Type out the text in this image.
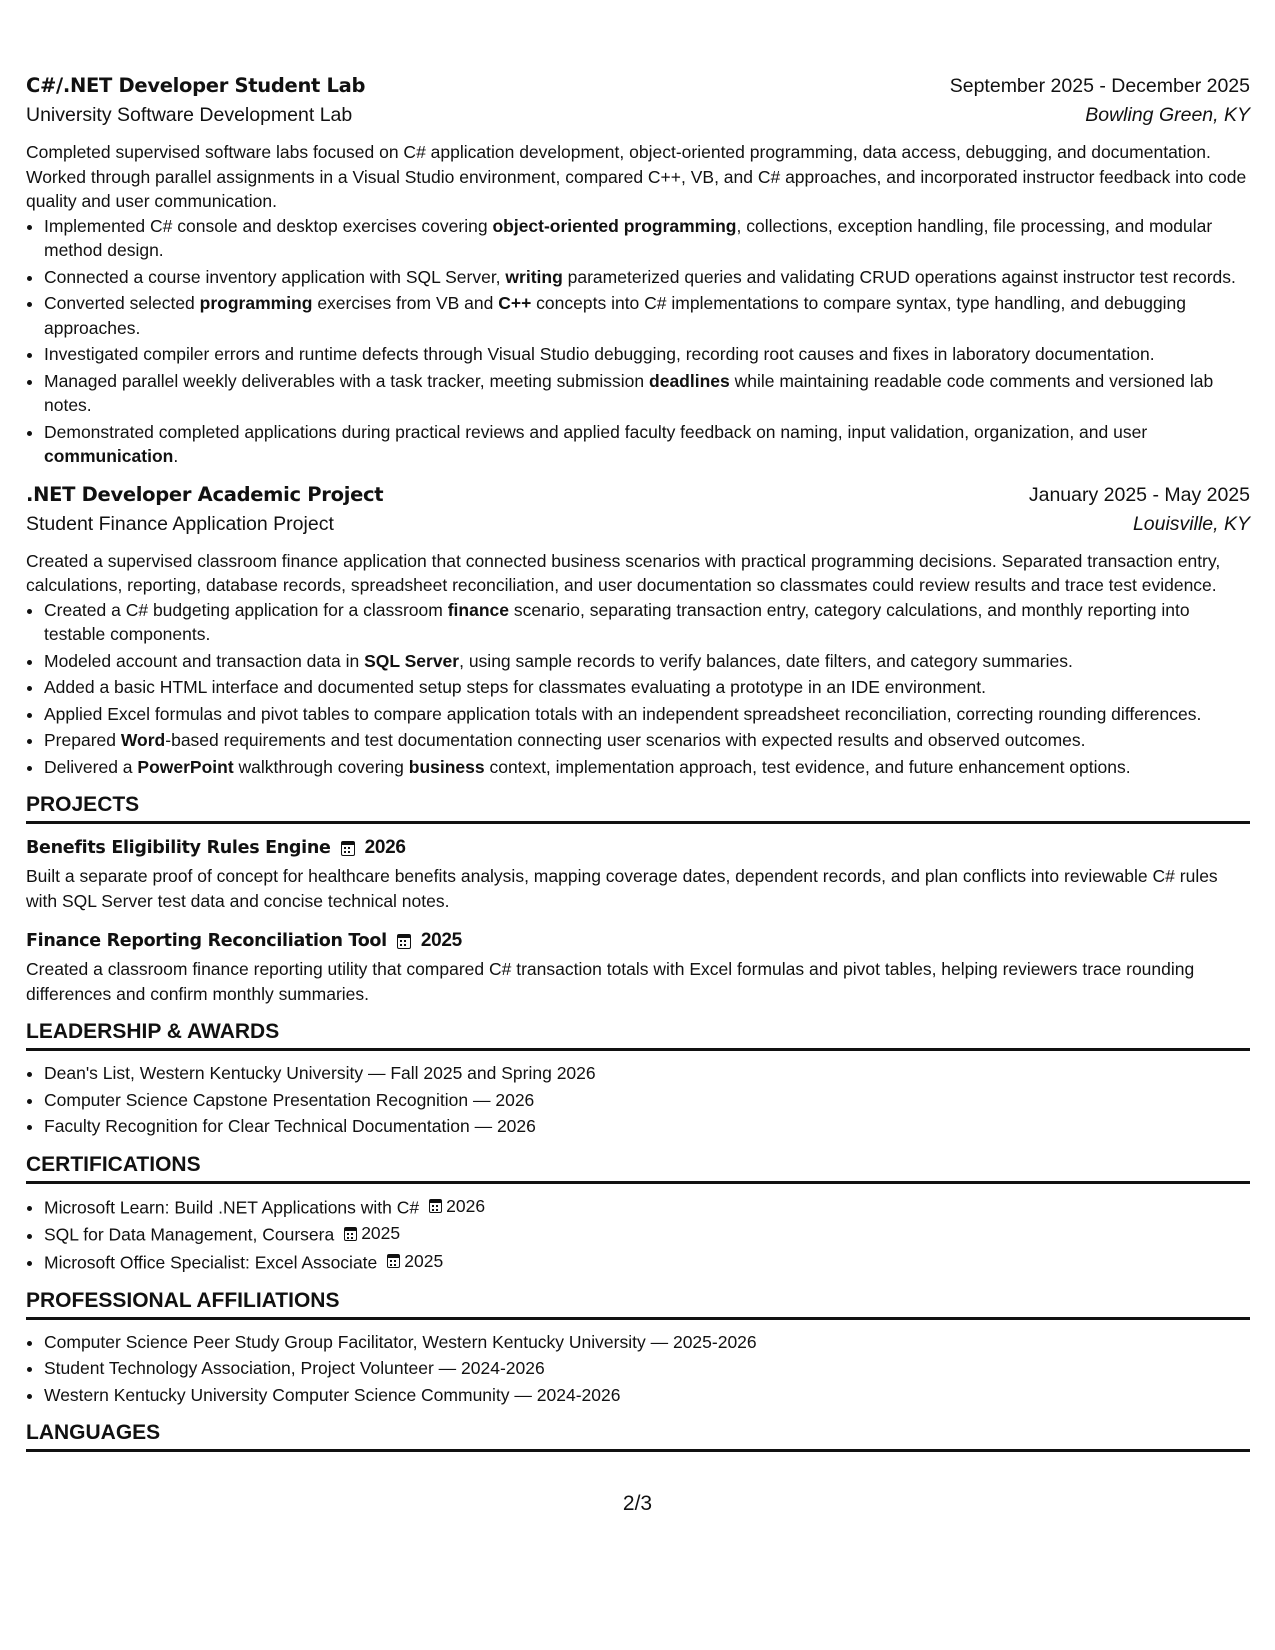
C#/.NET Developer Student Lab	September 2025 - December 2025
University Software Development Lab	Bowling Green, KY

Completed supervised software labs focused on C# application development, object-oriented programming, data access, debugging, and documentation. Worked through parallel assignments in a Visual Studio environment, compared C++, VB, and C# approaches, and incorporated instructor feedback into code quality and user communication.

• Implemented C# console and desktop exercises covering object-oriented programming, collections, exception handling, file processing, and modular method design.
• Connected a course inventory application with SQL Server, writing parameterized queries and validating CRUD operations against instructor test records.
• Converted selected programming exercises from VB and C++ concepts into C# implementations to compare syntax, type handling, and debugging approaches.
• Investigated compiler errors and runtime defects through Visual Studio debugging, recording root causes and fixes in laboratory documentation.
• Managed parallel weekly deliverables with a task tracker, meeting submission deadlines while maintaining readable code comments and versioned lab notes.
• Demonstrated completed applications during practical reviews and applied faculty feedback on naming, input validation, organization, and user communication.
.NET Developer Academic Project	January 2025 - May 2025
Student Finance Application Project	Louisville, KY

Created a supervised classroom finance application that connected business scenarios with practical programming decisions. Separated transaction entry, calculations, reporting, database records, spreadsheet reconciliation, and user documentation so classmates could review results and trace test evidence.

• Created a C# budgeting application for a classroom finance scenario, separating transaction entry, category calculations, and monthly reporting into testable components.
• Modeled account and transaction data in SQL Server, using sample records to verify balances, date filters, and category summaries.
• Added a basic HTML interface and documented setup steps for classmates evaluating a prototype in an IDE environment.
• Applied Excel formulas and pivot tables to compare application totals with an independent spreadsheet reconciliation, correcting rounding differences.
• Prepared Word-based requirements and test documentation connecting user scenarios with expected results and observed outcomes.
• Delivered a PowerPoint walkthrough covering business context, implementation approach, test evidence, and future enhancement options.
PROJECTS
Benefits Eligibility Rules Engine 2026

Built a separate proof of concept for healthcare benefits analysis, mapping coverage dates, dependent records, and plan conflicts into reviewable C# rules with SQL Server test data and concise technical notes.

Finance Reporting Reconciliation Tool 2025

Created a classroom finance reporting utility that compared C# transaction totals with Excel formulas and pivot tables, helping reviewers trace rounding differences and confirm monthly summaries.

LEADERSHIP & AWARDS
• Dean's List, Western Kentucky University — Fall 2025 and Spring 2026
• Computer Science Capstone Presentation Recognition — 2026
• Faculty Recognition for Clear Technical Documentation — 2026
CERTIFICATIONS
• Microsoft Learn: Build .NET Applications with C# 2026
• SQL for Data Management, Coursera 2025
• Microsoft Office Specialist: Excel Associate 2025
PROFESSIONAL AFFILIATIONS
• Computer Science Peer Study Group Facilitator, Western Kentucky University — 2025-2026
• Student Technology Association, Project Volunteer — 2024-2026
• Western Kentucky University Computer Science Community — 2024-2026
LANGUAGES
2/3
